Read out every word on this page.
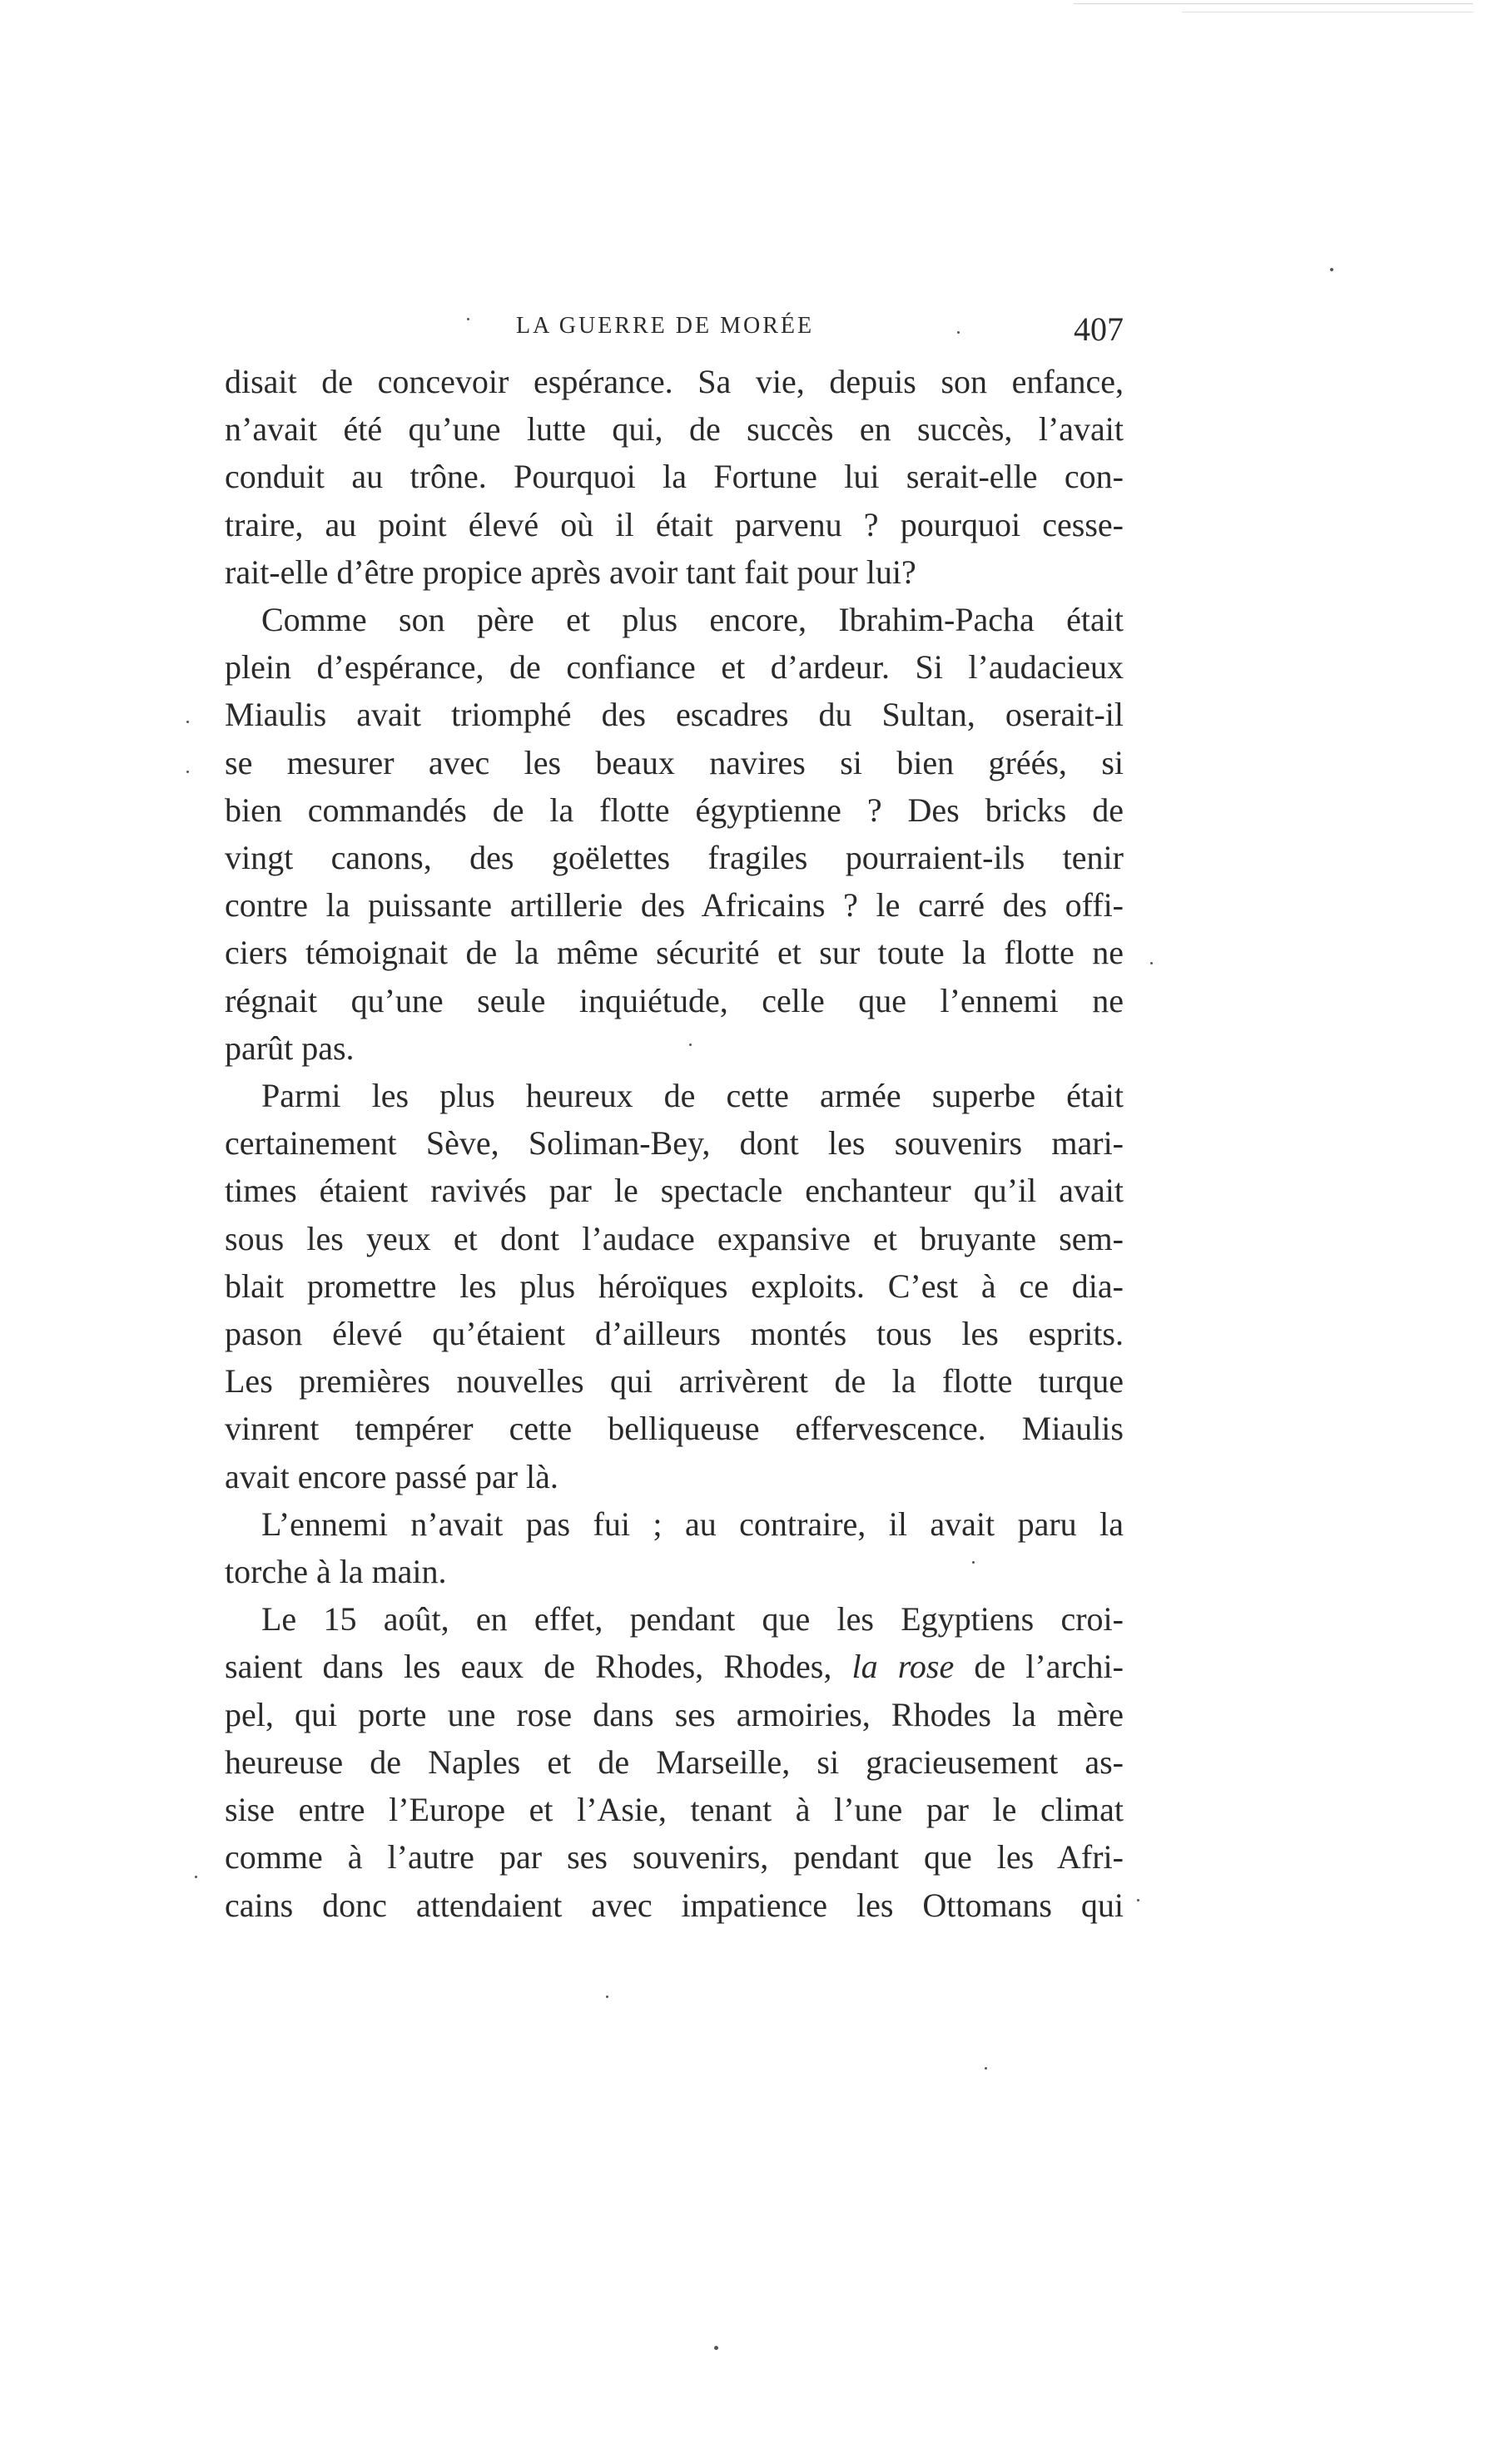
LA GUERRE DE MORÉE	407
disait de concevoir espérance. Sa vie, depuis son enfance,
n’avait été qu’une lutte qui, de succès en succès, l’avait
conduit au trône. Pourquoi la Fortune lui serait-elle con-
traire, au point élevé où il était parvenu ? pourquoi cesse-
rait-elle d’être propice après avoir tant fait pour lui?
Comme son père et plus encore, Ibrahim-Pacha était
plein d’espérance, de confiance et d’ardeur. Si l’audacieux
Miaulis avait triomphé des escadres du Sultan, oserait-il
se mesurer avec les beaux navires si bien gréés, si
bien commandés de la flotte égyptienne ? Des bricks de
vingt canons, des goëlettes fragiles pourraient-ils tenir
contre la puissante artillerie des Africains ? le carré des offi-
ciers témoignait de la même sécurité et sur toute la flotte ne
régnait qu’une seule inquiétude, celle que l’ennemi ne
parût pas.
Parmi les plus heureux de cette armée superbe était
certainement Sève, Soliman-Bey, dont les souvenirs mari-
times étaient ravivés par le spectacle enchanteur qu’il avait
sous les yeux et dont l’audace expansive et bruyante sem-
blait promettre les plus héroïques exploits. C’est à ce dia-
pason élevé qu’étaient d’ailleurs montés tous les esprits.
Les premières nouvelles qui arrivèrent de la flotte turque
vinrent tempérer cette belliqueuse effervescence. Miaulis
avait encore passé par là.
L’ennemi n’avait pas fui ; au contraire, il avait paru la
torche à la main.
Le 15 août, en effet, pendant que les Egyptiens croi-
saient dans les eaux de Rhodes, Rhodes, la rose de l’archi-
pel, qui porte une rose dans ses armoiries, Rhodes la mère
heureuse de Naples et de Marseille, si gracieusement as-
sise entre l’Europe et l’Asie, tenant à l’une par le climat
comme à l’autre par ses souvenirs, pendant que les Afri-
cains donc attendaient avec impatience les Ottomans qui
